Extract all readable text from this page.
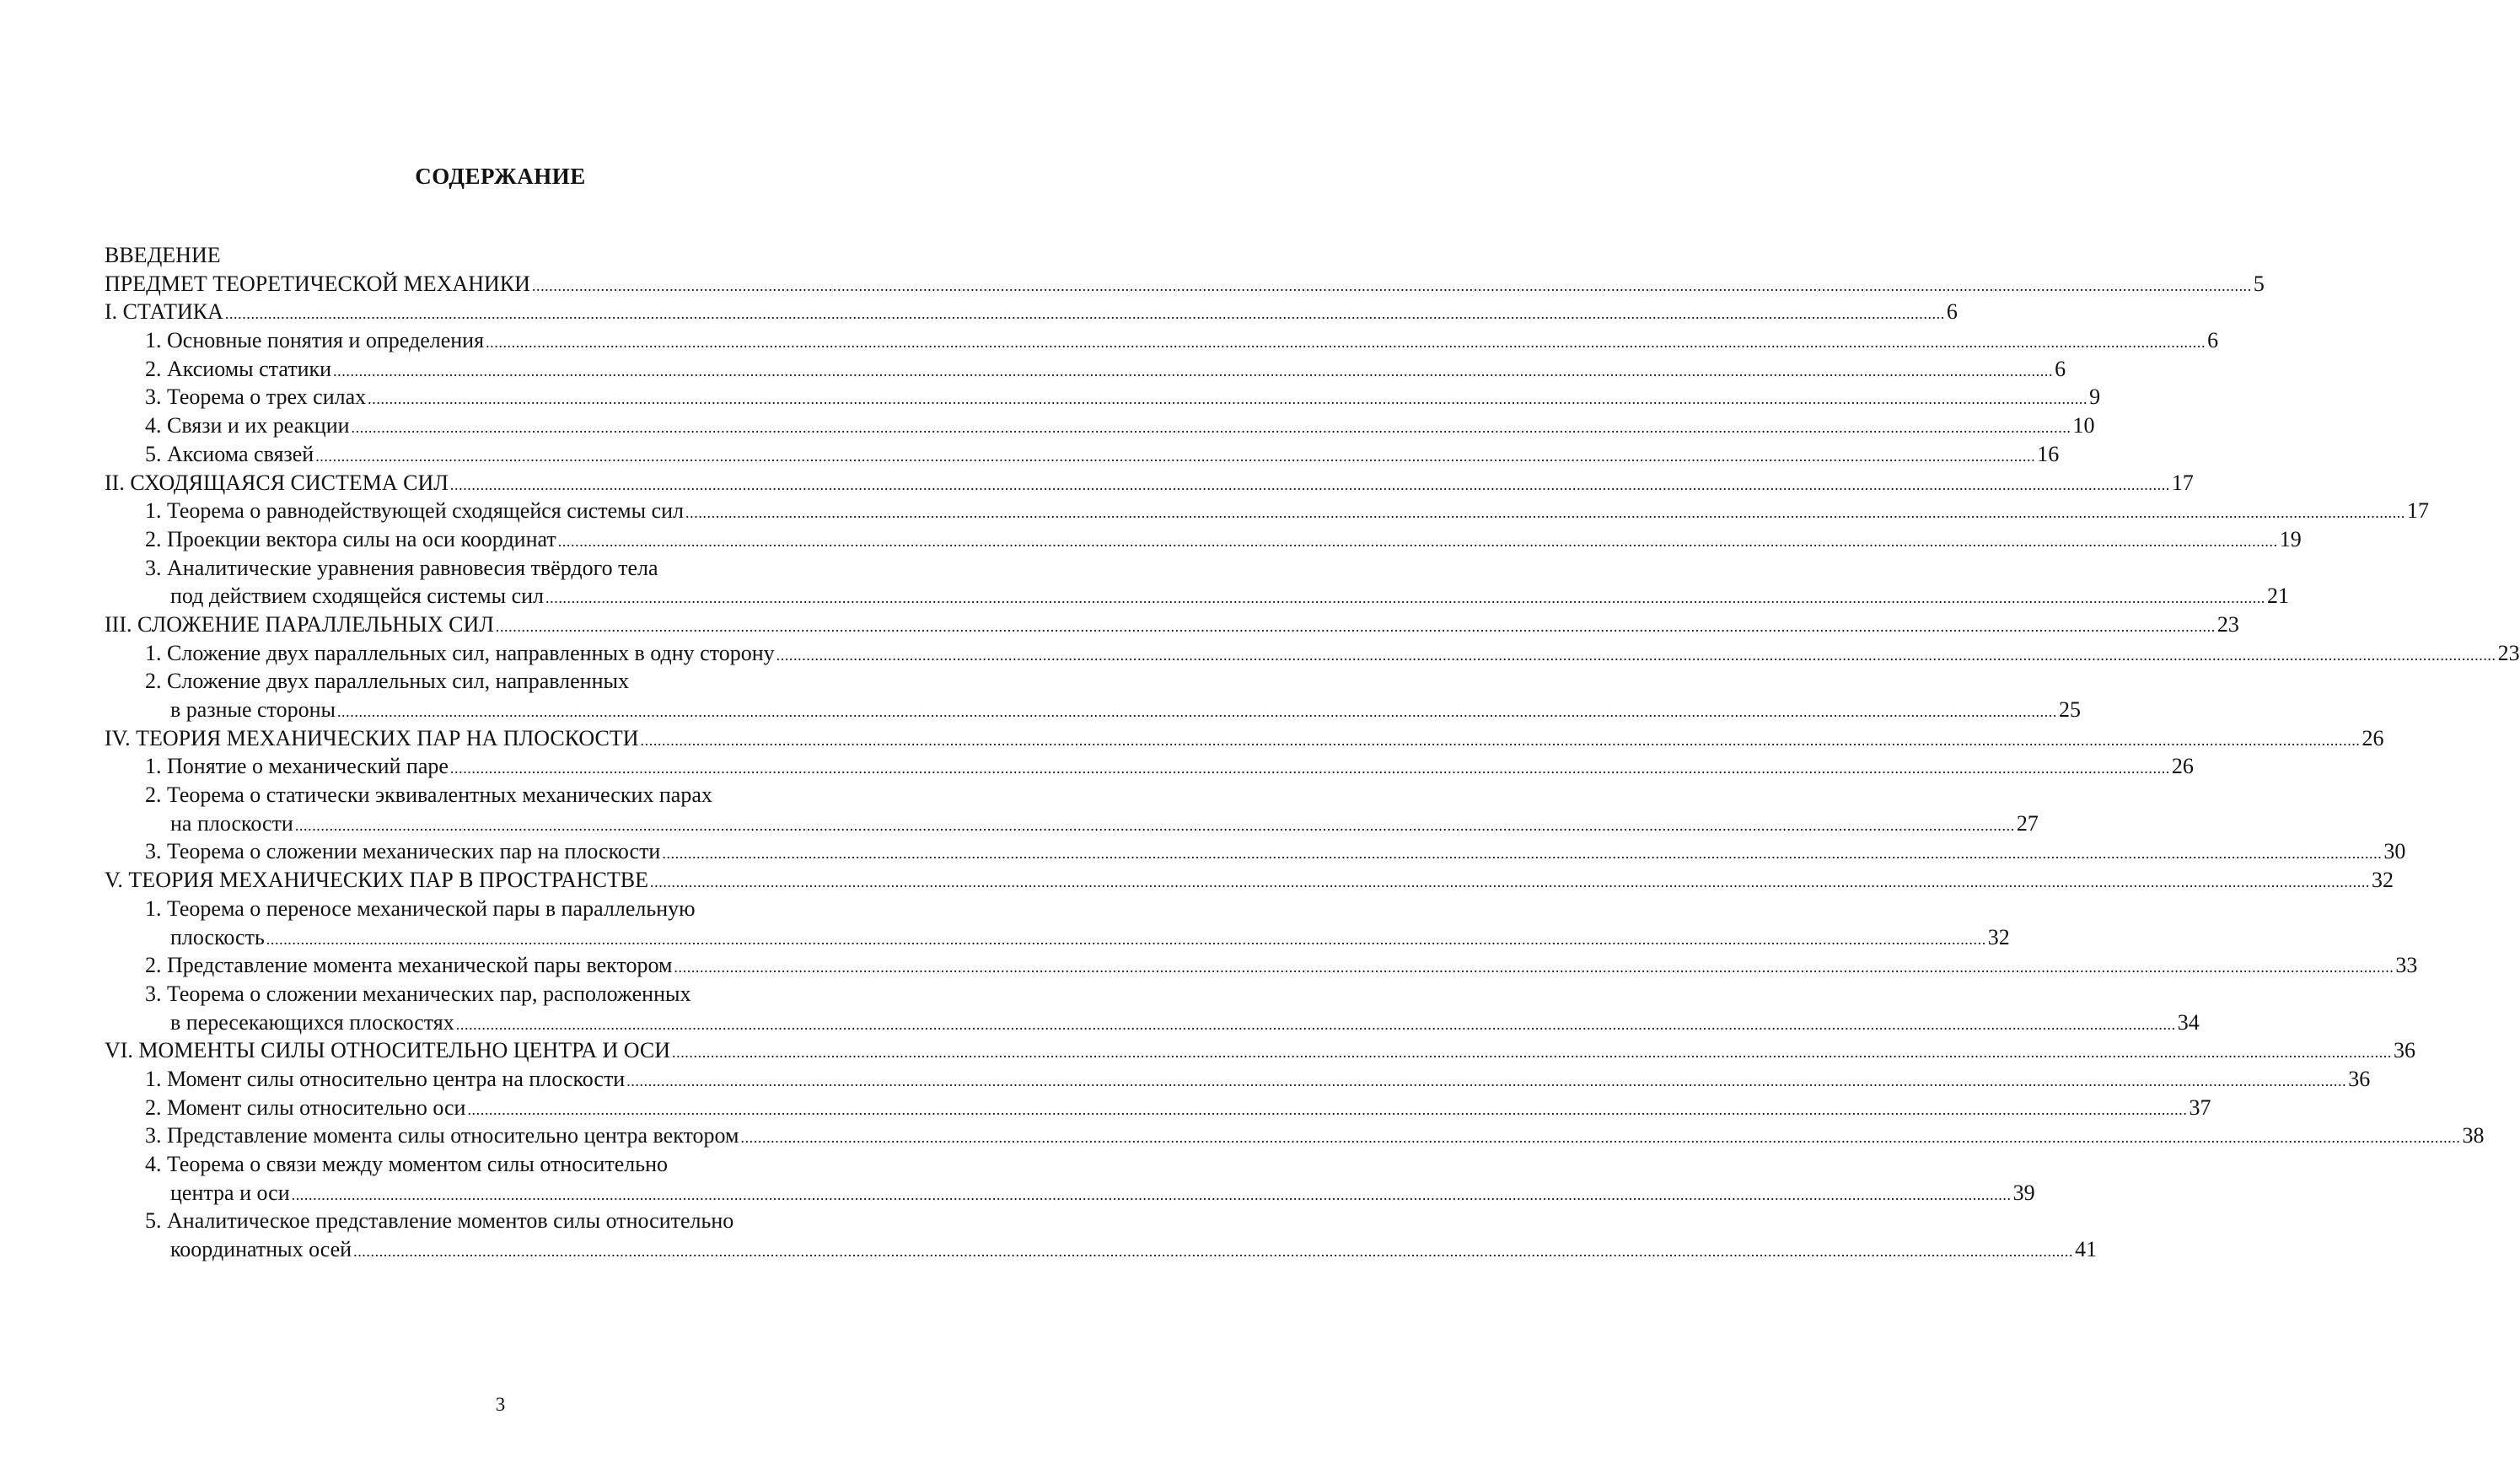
СОДЕРЖАНИЕ
ВВЕДЕНИЕ
ПРЕДМЕТ ТЕОРЕТИЧЕСКОЙ МЕХАНИКИ ................................................................................................................................................................................................................................................................................................................................................................................................................ 5
I. СТАТИКА ................................................................................................................................................................................................................................................................................................................................................................................................................ 6
1. Основные понятия и определения ................................................................................................................................................................................................................................................................................................................................................................................................................ 6
2. Аксиомы статики ................................................................................................................................................................................................................................................................................................................................................................................................................ 6
3. Теорема о трех силах ................................................................................................................................................................................................................................................................................................................................................................................................................ 9
4. Связи и их реакции ................................................................................................................................................................................................................................................................................................................................................................................................................ 10
5. Аксиома связей ................................................................................................................................................................................................................................................................................................................................................................................................................ 16
II. СХОДЯЩАЯСЯ СИСТЕМА СИЛ ................................................................................................................................................................................................................................................................................................................................................................................................................ 17
1. Теорема о равнодействующей сходящейся системы сил ................................................................................................................................................................................................................................................................................................................................................................................................................ 17
2. Проекции вектора силы на оси координат ................................................................................................................................................................................................................................................................................................................................................................................................................ 19
3. Аналитические уравнения равновесия твёрдого тела
под действием сходящейся системы сил ................................................................................................................................................................................................................................................................................................................................................................................................................ 21
III. СЛОЖЕНИЕ ПАРАЛЛЕЛЬНЫХ СИЛ ................................................................................................................................................................................................................................................................................................................................................................................................................ 23
1. Сложение двух параллельных сил, направленных в одну сторону ................................................................................................................................................................................................................................................................................................................................................................................................................ 23
2. Сложение двух параллельных сил, направленных
в разные стороны ................................................................................................................................................................................................................................................................................................................................................................................................................ 25
IV. ТЕОРИЯ МЕХАНИЧЕСКИХ ПАР НА ПЛОСКОСТИ ................................................................................................................................................................................................................................................................................................................................................................................................................ 26
1. Понятие о механический паре ................................................................................................................................................................................................................................................................................................................................................................................................................ 26
2. Теорема о статически эквивалентных механических парах
на плоскости ................................................................................................................................................................................................................................................................................................................................................................................................................ 27
3. Теорема о сложении механических пар на плоскости ................................................................................................................................................................................................................................................................................................................................................................................................................ 30
V. ТЕОРИЯ МЕХАНИЧЕСКИХ ПАР В ПРОСТРАНСТВЕ ................................................................................................................................................................................................................................................................................................................................................................................................................ 32
1. Теорема о переносе механической пары в параллельную
плоскость ................................................................................................................................................................................................................................................................................................................................................................................................................ 32
2. Представление момента механической пары вектором ................................................................................................................................................................................................................................................................................................................................................................................................................ 33
3. Теорема о сложении механических пар, расположенных
в пересекающихся плоскостях ................................................................................................................................................................................................................................................................................................................................................................................................................ 34
VI. МОМЕНТЫ СИЛЫ ОТНОСИТЕЛЬНО ЦЕНТРА И ОСИ ................................................................................................................................................................................................................................................................................................................................................................................................................ 36
1. Момент силы относительно центра на плоскости ................................................................................................................................................................................................................................................................................................................................................................................................................ 36
2. Момент силы относительно оси ................................................................................................................................................................................................................................................................................................................................................................................................................ 37
3. Представление момента силы относительно центра вектором ................................................................................................................................................................................................................................................................................................................................................................................................................ 38
4. Теорема о связи между моментом силы относительно
центра и оси ................................................................................................................................................................................................................................................................................................................................................................................................................ 39
5. Аналитическое представление моментов силы относительно
координатных осей ................................................................................................................................................................................................................................................................................................................................................................................................................ 41
3
